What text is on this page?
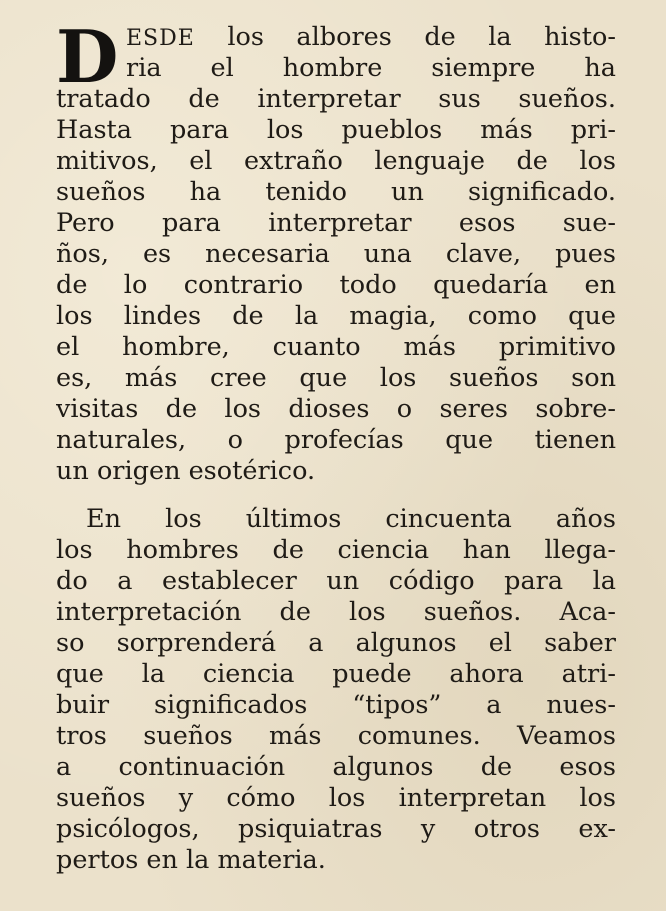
D ESDE los albores de la histo-
ria el hombre siempre ha
tratado de interpretar sus sueños.
Hasta para los pueblos más pri-
mitivos, el extraño lenguaje de los
sueños ha tenido un significado.
Pero para interpretar esos sue-
ños, es necesaria una clave, pues
de lo contrario todo quedaría en
los lindes de la magia, como que
el hombre, cuanto más primitivo
es, más cree que los sueños son
visitas de los dioses o seres sobre-
naturales, o profecías que tienen
un origen esotérico.
En los últimos cincuenta años
los hombres de ciencia han llega-
do a establecer un código para la
interpretación de los sueños. Aca-
so sorprenderá a algunos el saber
que la ciencia puede ahora atri-
buir significados “tipos” a nues-
tros sueños más comunes. Veamos
a continuación algunos de esos
sueños y cómo los interpretan los
psicólogos, psiquiatras y otros ex-
pertos en la materia.
